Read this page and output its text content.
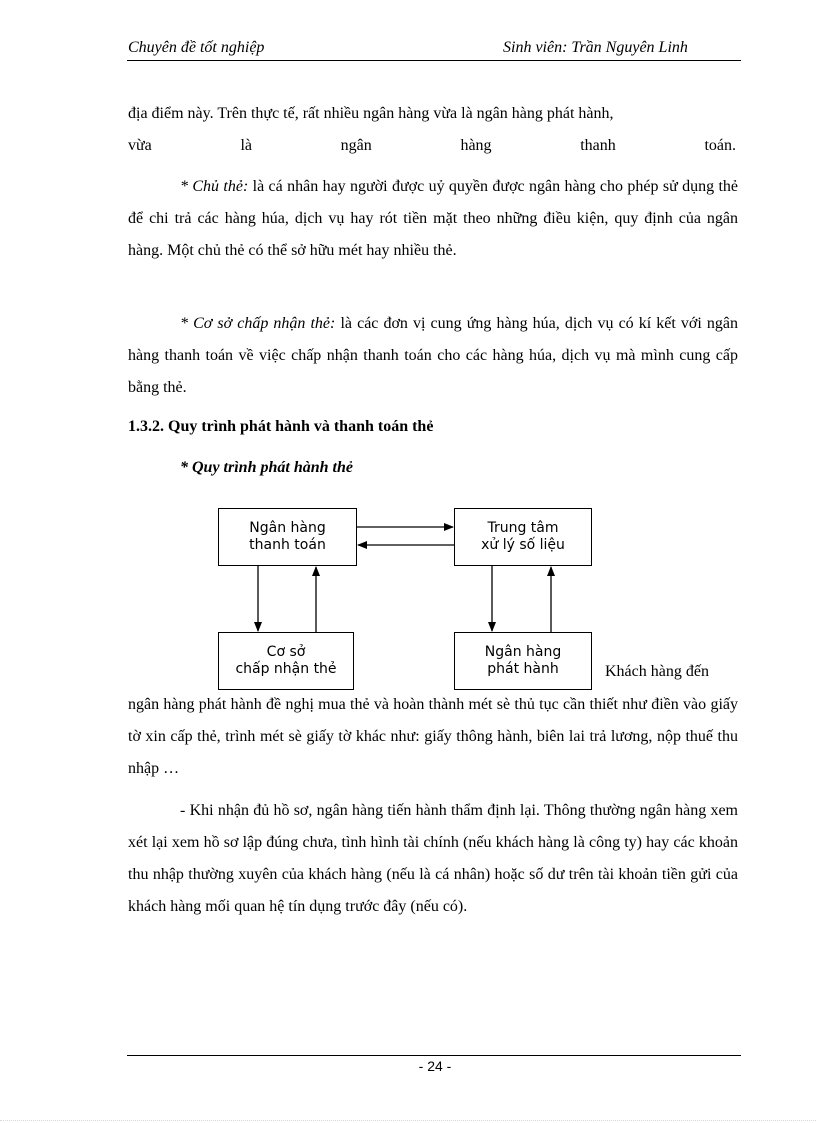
Chuyên đề tốt nghiệp	Sinh viên: Trần Nguyên Linh
địa điểm này. Trên thực tế, rất nhiều ngân hàng vừa là ngân hàng phát hành,
vừa	là	ngân	hàng	thanh	toán.

* Chủ thẻ: là cá nhân hay người được uỷ quyền được ngân hàng cho phép sử dụng thẻ để chi trả các hàng húa, dịch vụ hay rót tiền mặt theo những điều kiện, quy định của ngân hàng. Một chủ thẻ có thể sở hữu mét hay nhiều thẻ.

* Cơ sở chấp nhận thẻ: là các đơn vị cung ứng hàng húa, dịch vụ có kí kết với ngân hàng thanh toán về việc chấp nhận thanh toán cho các hàng húa, dịch vụ mà mình cung cấp bằng thẻ.

1.3.2. Quy trình phát hành và thanh toán thẻ
* Quy trình phát hành thẻ
Ngân hàng
thanh toán
Trung tâm
xử lý số liệu
Cơ sở
chấp nhận thẻ
Ngân hàng
phát hành	Khách hàng đến

ngân hàng phát hành đề nghị mua thẻ và hoàn thành mét sè thủ tục cần thiết như điền vào giấy tờ xin cấp thẻ, trình mét sè giấy tờ khác như: giấy thông hành, biên lai trả lương, nộp thuế thu nhập …

- Khi nhận đủ hồ sơ, ngân hàng tiến hành thẩm định lại. Thông thường ngân hàng xem xét lại xem hồ sơ lập đúng chưa, tình hình tài chính (nếu khách hàng là công ty) hay các khoản thu nhập thường xuyên của khách hàng (nếu là cá nhân) hoặc số dư trên tài khoản tiền gửi của khách hàng mối quan hệ tín dụng trước đây (nếu có).

- 24 -
